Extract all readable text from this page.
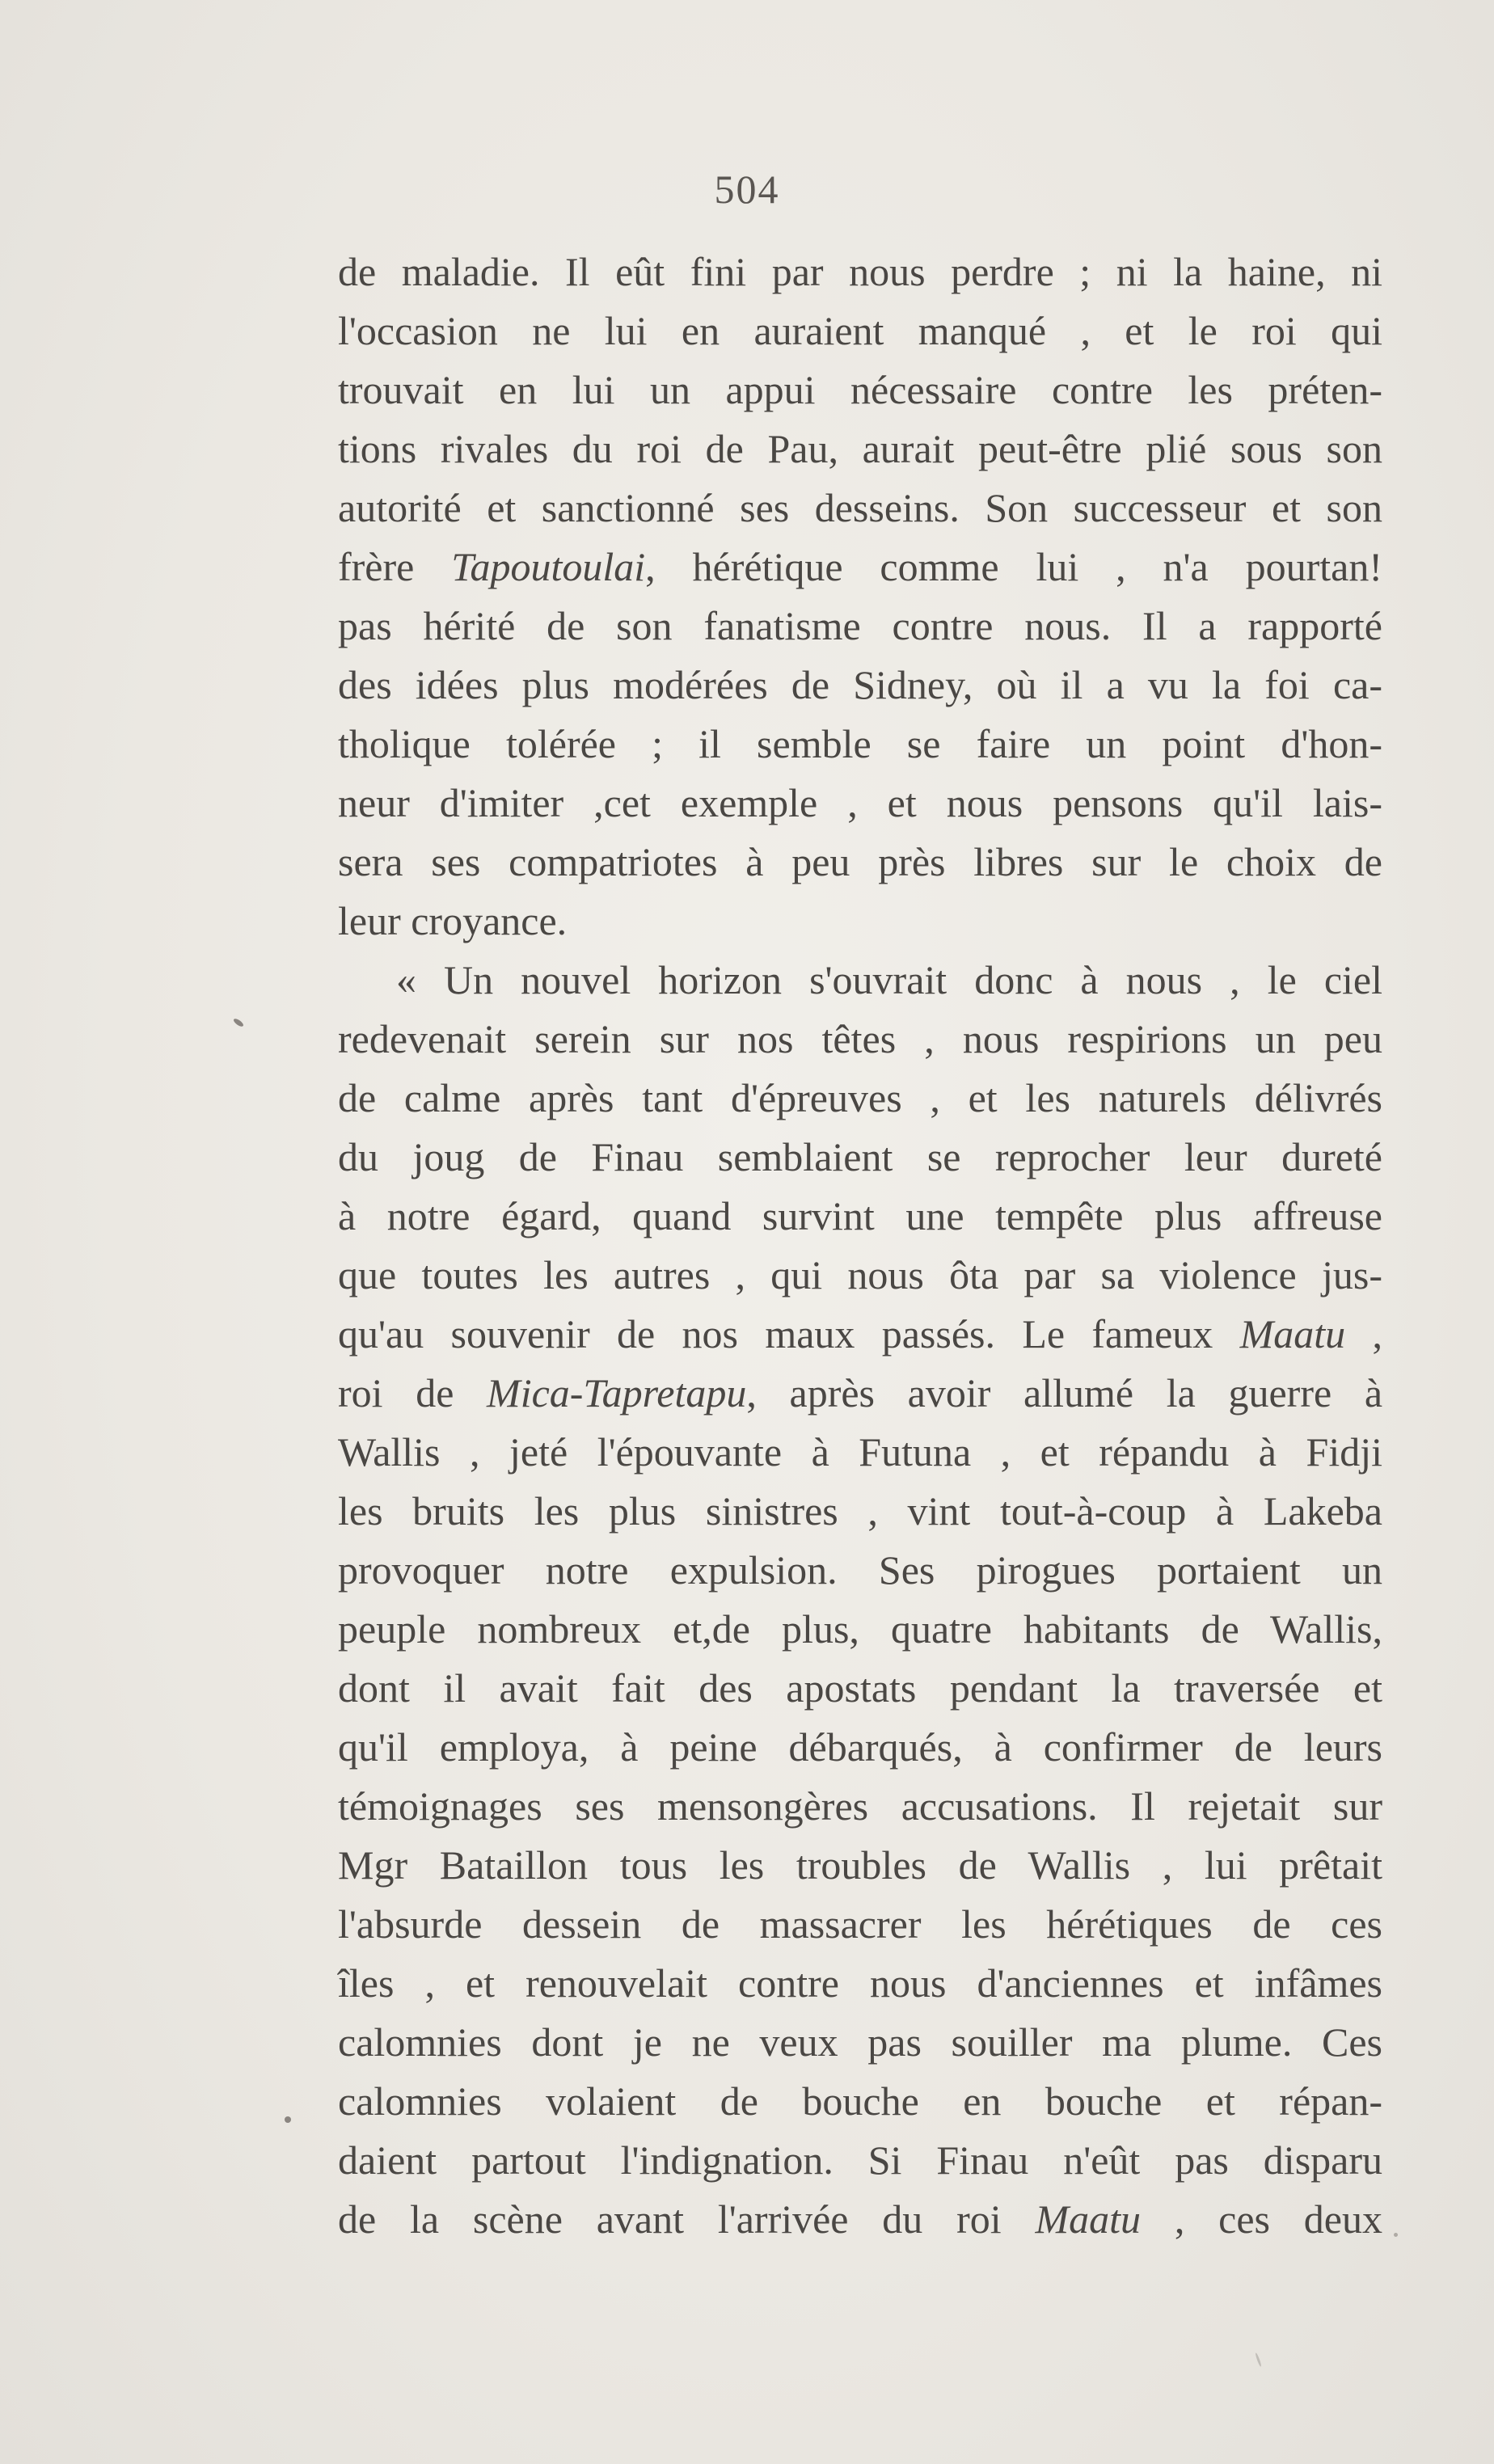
504
de maladie. Il eût fini par nous perdre ; ni la haine, ni
l'occasion ne lui en auraient manqué , et le roi qui
trouvait en lui un appui nécessaire contre les préten-
tions rivales du roi de Pau, aurait peut-être plié sous son
autorité et sanctionné ses desseins. Son successeur et son
frère Tapoutoulai, hérétique comme lui , n'a pourtan!
pas hérité de son fanatisme contre nous. Il a rapporté
des idées plus modérées de Sidney, où il a vu la foi ca-
tholique tolérée ; il semble se faire un point d'hon-
neur d'imiter ,cet exemple , et nous pensons qu'il lais-
sera ses compatriotes à peu près libres sur le choix de
leur croyance.
« Un nouvel horizon s'ouvrait donc à nous , le ciel
redevenait serein sur nos têtes , nous respirions un peu
de calme après tant d'épreuves , et les naturels délivrés
du joug de Finau semblaient se reprocher leur dureté
à notre égard, quand survint une tempête plus affreuse
que toutes les autres , qui nous ôta par sa violence jus-
qu'au souvenir de nos maux passés. Le fameux Maatu ,
roi de Mica-Tapretapu, après avoir allumé la guerre à
Wallis , jeté l'épouvante à Futuna , et répandu à Fidji
les bruits les plus sinistres , vint tout-à-coup à Lakeba
provoquer notre expulsion. Ses pirogues portaient un
peuple nombreux et,de plus, quatre habitants de Wallis,
dont il avait fait des apostats pendant la traversée et
qu'il employa, à peine débarqués, à confirmer de leurs
témoignages ses mensongères accusations. Il rejetait sur
Mgr Bataillon tous les troubles de Wallis , lui prêtait
l'absurde dessein de massacrer les hérétiques de ces
îles , et renouvelait contre nous d'anciennes et infâmes
calomnies dont je ne veux pas souiller ma plume. Ces
calomnies volaient de bouche en bouche et répan-
daient partout l'indignation. Si Finau n'eût pas disparu
de la scène avant l'arrivée du roi Maatu , ces deux
